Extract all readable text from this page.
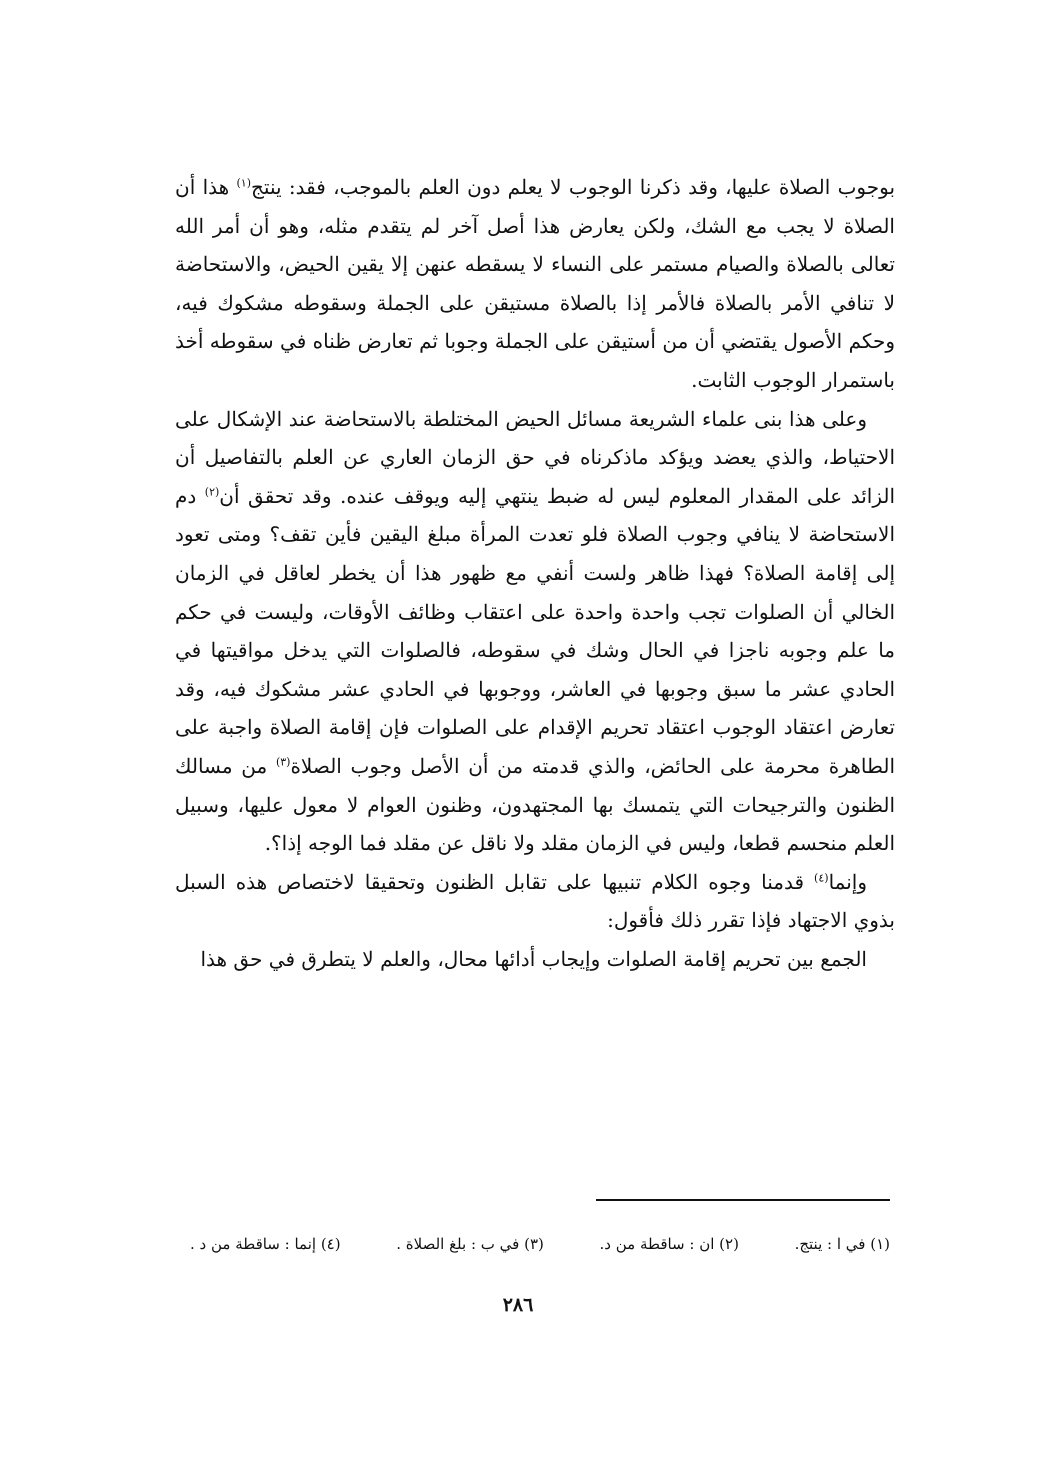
بوجوب الصلاة عليها، وقد ذكرنا الوجوب لا يعلم دون العلم بالموجب، فقد: ينتج$^{(١)}$ هذا أن الصلاة لا يجب مع الشك، ولكن يعارض هذا أصل آخر لم يتقدم مثله، وهو أن أمر الله تعالى بالصلاة والصيام مستمر على النساء لا يسقطه عنهن إلا يقين الحيض، والاستحاضة لا تنافي الأمر بالصلاة فالأمر إذا بالصلاة مستيقن على الجملة وسقوطه مشكوك فيه، وحكم الأصول يقتضي أن من أستيقن على الجملة وجوبا ثم تعارض ظناه في سقوطه أخذ باستمرار الوجوب الثابت.

وعلى هذا بنى علماء الشريعة مسائل الحيض المختلطة بالاستحاضة عند الإشكال على الاحتياط، والذي يعضد ويؤكد ماذكرناه في حق الزمان العاري عن العلم بالتفاصيل أن الزائد على المقدار المعلوم ليس له ضبط ينتهي إليه ويوقف عنده. وقد تحقق أن$^{(٢)}$ دم الاستحاضة لا ينافي وجوب الصلاة فلو تعدت المرأة مبلغ اليقين فأين تقف؟ ومتى تعود إلى إقامة الصلاة؟ فهذا ظاهر ولست أنفي مع ظهور هذا أن يخطر لعاقل في الزمان الخالي أن الصلوات تجب واحدة واحدة على اعتقاب وظائف الأوقات، وليست في حكم ما علم وجوبه ناجزا في الحال وشك في سقوطه، فالصلوات التي يدخل مواقيتها في الحادي عشر ما سبق وجوبها في العاشر، ووجوبها في الحادي عشر مشكوك فيه، وقد تعارض اعتقاد الوجوب اعتقاد تحريم الإقدام على الصلوات فإن إقامة الصلاة واجبة على الطاهرة محرمة على الحائض، والذي قدمته من أن الأصل وجوب الصلاة$^{(٣)}$ من مسالك الظنون والترجيحات التي يتمسك بها المجتهدون، وظنون العوام لا معول عليها، وسبيل العلم منحسم قطعا، وليس في الزمان مقلد ولا ناقل عن مقلد فما الوجه إذا؟.

وإنما$^{(٤)}$ قدمنا وجوه الكلام تنبيها على تقابل الظنون وتحقيقا لاختصاص هذه السبل بذوي الاجتهاد فإذا تقرر ذلك فأقول:

الجمع بين تحريم إقامة الصلوات وإيجاب أدائها محال، والعلم لا يتطرق في حق هذا

(١) في ا : ينتج.
(٢) ان : ساقطة من د.
(٣) في ب : بلغ الصلاة .
(٤) إنما : ساقطة من د .
٢٨٦
